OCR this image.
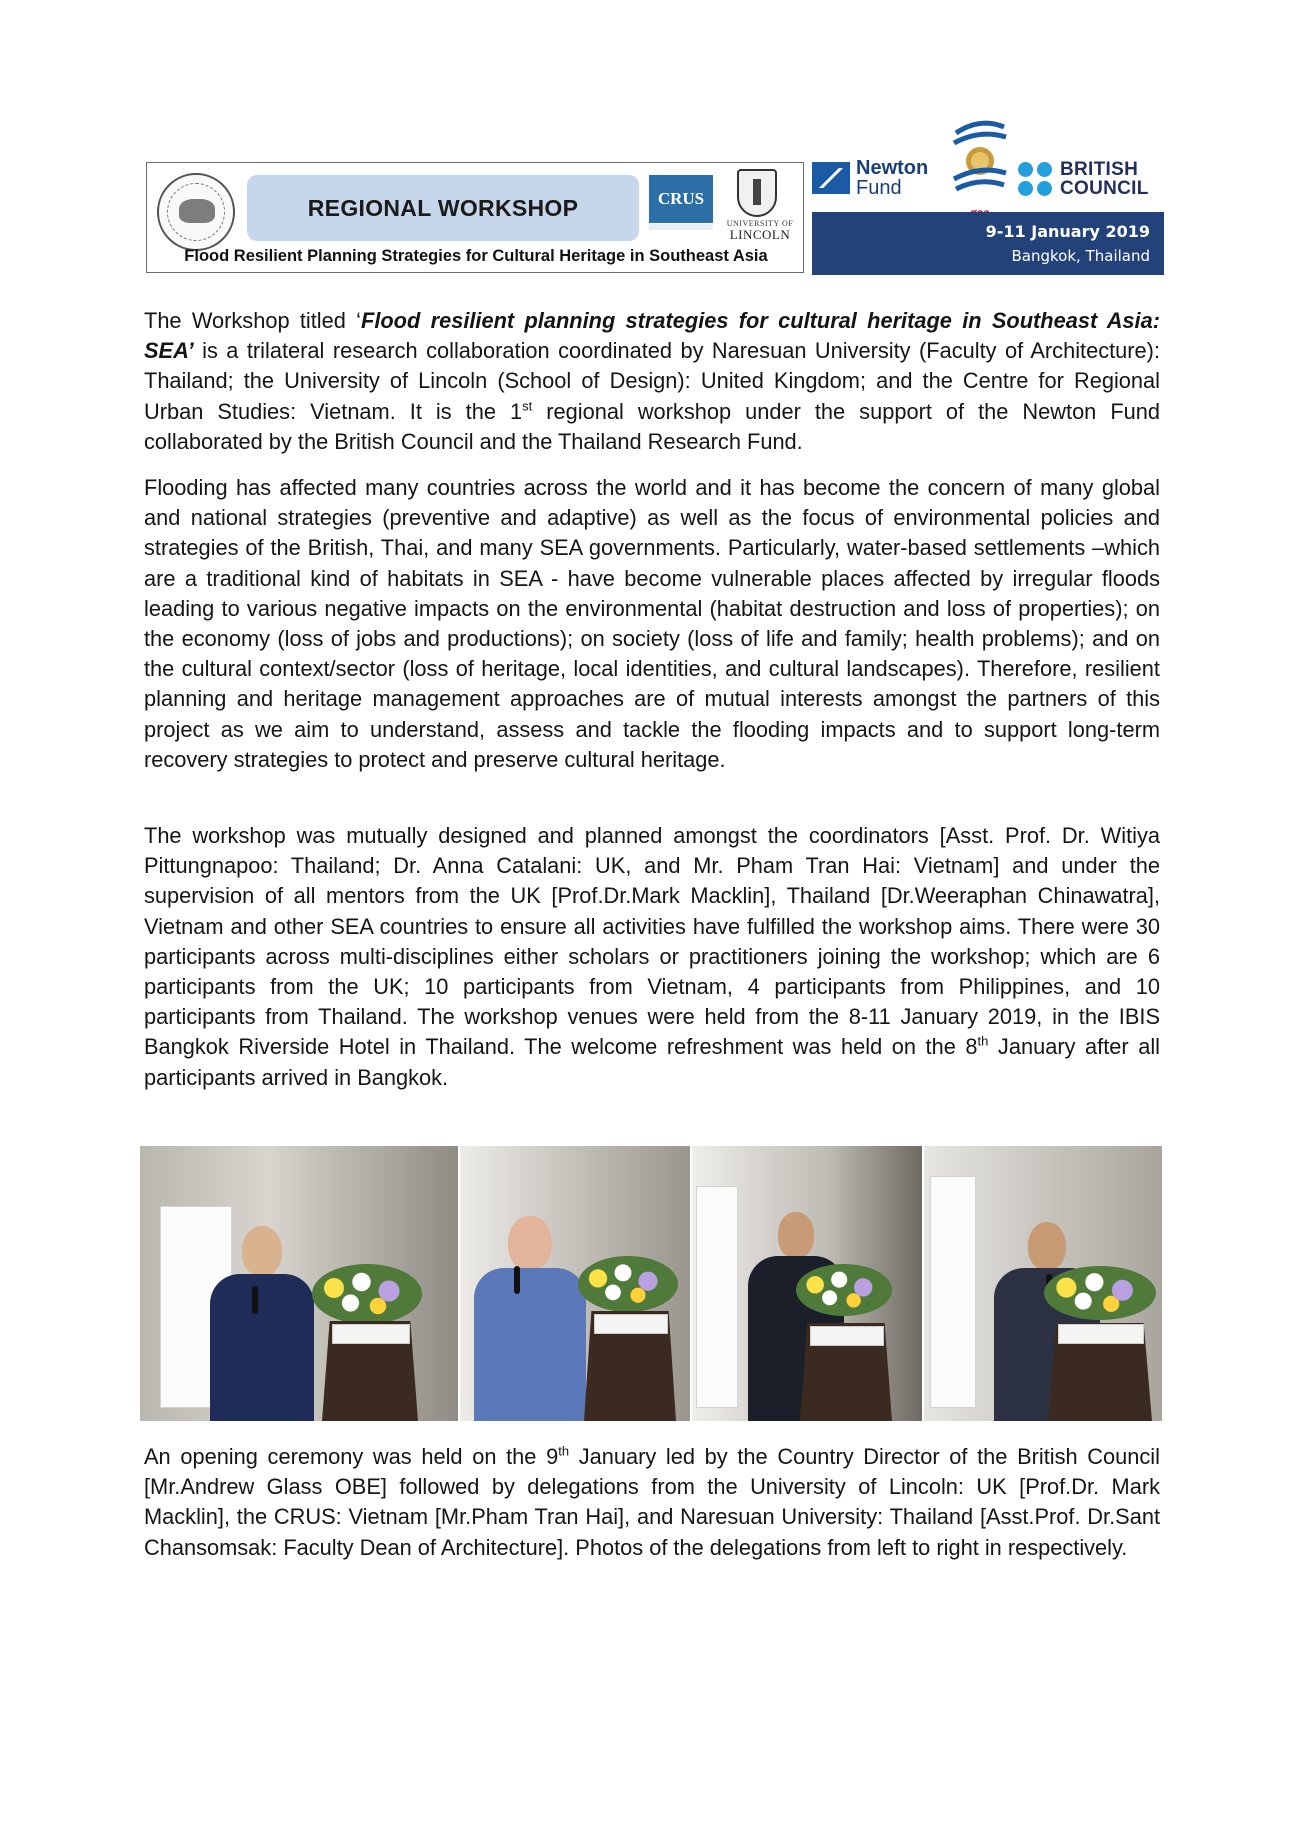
REGIONAL WORKSHOP	CRUS
UNIVERSITY OF
LINCOLN
Flood Resilient Planning Strategies for Cultural Heritage in Southeast Asia
Newton
Fund
BRITISH
COUNCIL
9-11 January 2019
Bangkok, Thailand

The Workshop titled ‘Flood resilient planning strategies for cultural heritage in Southeast Asia: SEA’ is a trilateral research collaboration coordinated by Naresuan University (Faculty of Architecture): Thailand; the University of Lincoln (School of Design): United Kingdom; and the Centre for Regional Urban Studies: Vietnam. It is the 1st regional workshop under the support of the Newton Fund collaborated by the British Council and the Thailand Research Fund.

Flooding has affected many countries across the world and it has become the concern of many global and national strategies (preventive and adaptive) as well as the focus of environmental policies and strategies of the British, Thai, and many SEA governments. Particularly, water-based settlements –which are a traditional kind of habitats in SEA - have become vulnerable places affected by irregular floods leading to various negative impacts on the environmental (habitat destruction and loss of properties); on the economy (loss of jobs and productions); on society (loss of life and family; health problems); and on the cultural context/sector (loss of heritage, local identities, and cultural landscapes). Therefore, resilient planning and heritage management approaches are of mutual interests amongst the partners of this project as we aim to understand, assess and tackle the flooding impacts and to support long-term recovery strategies to protect and preserve cultural heritage.

The workshop was mutually designed and planned amongst the coordinators [Asst. Prof. Dr. Witiya Pittungnapoo: Thailand; Dr. Anna Catalani: UK, and Mr. Pham Tran Hai: Vietnam] and under the supervision of all mentors from the UK [Prof.Dr.Mark Macklin], Thailand [Dr.Weeraphan Chinawatra], Vietnam and other SEA countries to ensure all activities have fulfilled the workshop aims. There were 30 participants across multi-disciplines either scholars or practitioners joining the workshop; which are 6 participants from the UK; 10 participants from Vietnam, 4 participants from Philippines, and 10 participants from Thailand. The workshop venues were held from the 8-11 January 2019, in the IBIS Bangkok Riverside Hotel in Thailand. The welcome refreshment was held on the 8th January after all participants arrived in Bangkok.

An opening ceremony was held on the 9th January led by the Country Director of the British Council [Mr.Andrew Glass OBE] followed by delegations from the University of Lincoln: UK [Prof.Dr. Mark Macklin], the CRUS: Vietnam [Mr.Pham Tran Hai], and Naresuan University: Thailand [Asst.Prof. Dr.Sant Chansomsak: Faculty Dean of Architecture]. Photos of the delegations from left to right in respectively.
